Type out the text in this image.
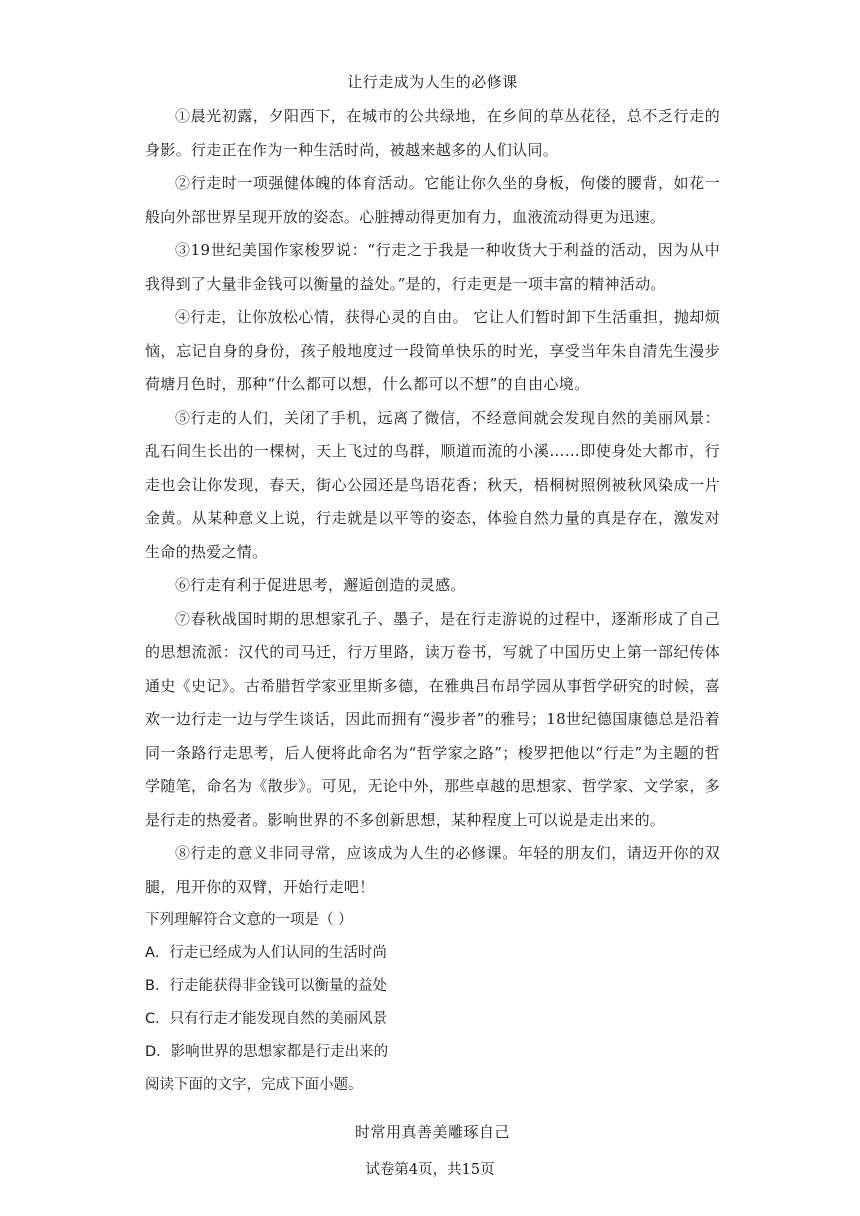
让行走成为人生的必修课

①晨光初露，夕阳西下，在城市的公共绿地，在乡间的草丛花径，总不乏行走的身影。行走正在作为一种生活时尚，被越来越多的人们认同。

②行走时一项强健体魄的体育活动。它能让你久坐的身板，佝偻的腰背，如花一般向外部世界呈现开放的姿态。心脏搏动得更加有力，血液流动得更为迅速。

③19世纪美国作家梭罗说：“行走之于我是一种收货大于利益的活动，因为从中我得到了大量非金钱可以衡量的益处。”是的，行走更是一项丰富的精神活动。

④行走，让你放松心情，获得心灵的自由。 它让人们暂时卸下生活重担，抛却烦恼，忘记自身的身份，孩子般地度过一段简单快乐的时光，享受当年朱自清先生漫步荷塘月色时，那种“什么都可以想，什么都可以不想”的自由心境。

⑤行走的人们，关闭了手机，远离了微信，不经意间就会发现自然的美丽风景：乱石间生长出的一棵树，天上飞过的鸟群，顺道而流的小溪……即使身处大都市，行走也会让你发现，春天，街心公园还是鸟语花香；秋天，梧桐树照例被秋风染成一片金黄。从某种意义上说，行走就是以平等的姿态，体验自然力量的真是存在，激发对生命的热爱之情。

⑥行走有利于促进思考，邂逅创造的灵感。

⑦春秋战国时期的思想家孔子、墨子，是在行走游说的过程中，逐渐形成了自己的思想流派：汉代的司马迁，行万里路，读万卷书，写就了中国历史上第一部纪传体通史《史记》。古希腊哲学家亚里斯多德，在雅典吕布昂学园从事哲学研究的时候，喜欢一边行走一边与学生谈话，因此而拥有“漫步者”的雅号；18世纪德国康德总是沿着同一条路行走思考，后人便将此命名为“哲学家之路”；梭罗把他以“行走”为主题的哲学随笔，命名为《散步》。可见，无论中外，那些卓越的思想家、哲学家、文学家，多是行走的热爱者。影响世界的不多创新思想，某种程度上可以说是走出来的。

⑧行走的意义非同寻常，应该成为人生的必修课。年轻的朋友们，请迈开你的双腿，甩开你的双臂，开始行走吧！

下列理解符合文意的一项是（ ）

A．行走已经成为人们认同的生活时尚

B．行走能获得非金钱可以衡量的益处

C．只有行走才能发现自然的美丽风景

D．影响世界的思想家都是行走出来的

阅读下面的文字，完成下面小题。

时常用真善美雕琢自己

试卷第4页，共15页
